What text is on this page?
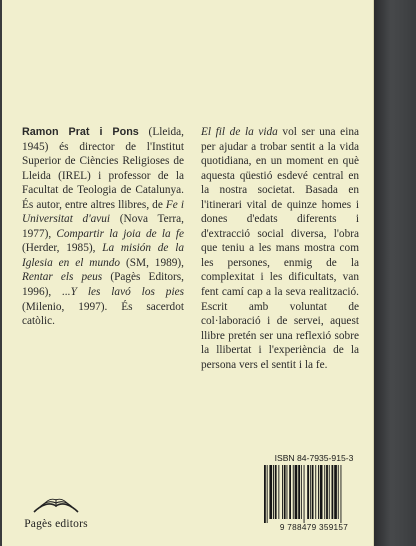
Ramon Prat i Pons (Lleida, 1945) és director de l'Institut Superior de Ciències Religioses de Lleida (IREL) i professor de la Facultat de Teologia de Catalunya. És autor, entre altres llibres, de Fe i Universitat d'avui (Nova Terra, 1977), Compartir la joia de la fe (Herder, 1985), La misión de la Iglesia en el mundo (SM, 1989), Rentar els peus (Pagès Editors, 1996), ...Y les lavó los pies (Milenio, 1997). És sacerdot catòlic.

El fil de la vida vol ser una eina per ajudar a trobar sentit a la vida quotidiana, en un moment en què aquesta qüestió esdevé central en la nostra societat. Basada en l'itinerari vital de quinze homes i dones d'edats diferents i d'extracció social diversa, l'obra que teniu a les mans mostra com les persones, enmig de la complexitat i les dificultats, van fent camí cap a la seva realització. Escrit amb voluntat de col·laboració i de servei, aquest llibre pretén ser una reflexió sobre la llibertat i l'experiència de la persona vers el sentit i la fe.

Pagès editors
ISBN 84-7935-915-3
9 788479 359157
